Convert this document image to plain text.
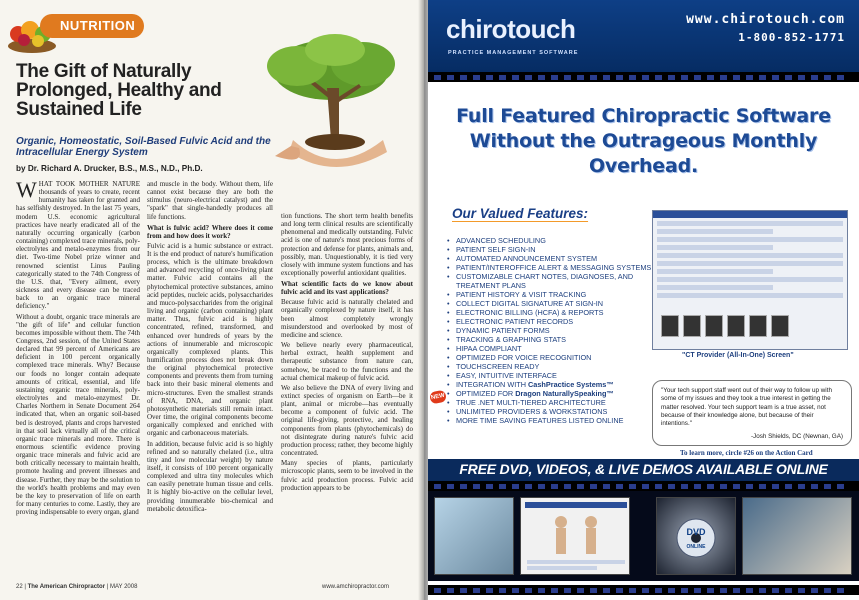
NUTRITION
The Gift of Naturally Prolonged, Healthy and Sustained Life
Organic, Homeostatic, Soil-Based Fulvic Acid and the Intracellular Energy System
by Dr. Richard A. Drucker, B.S., M.S., N.D., Ph.D.

WHAT TOOK MOTHER NATURE thousands of years to create, recent humanity has taken for granted and has selfishly destroyed. In the last 75 years, modern U.S. economic agricultural practices have nearly eradicated all of the naturally occurring organically (carbon containing) complexed trace minerals, poly-electrolytes and metalo-enzymes from our diet. Two-time Nobel prize winner and renowned scientist Linus Pauling categorically stated to the 74th Congress of the U.S. that, "Every ailment, every sickness and every disease can be traced back to an organic trace mineral deficiency."

Without a doubt, organic trace minerals are "the gift of life" and cellular function becomes impossible without them. The 74th Congress, 2nd session, of the United States declared that 99 percent of Americans are deficient in 100 percent organically complexed trace minerals. Why? Because our foods no longer contain adequate amounts of critical, essential, and life sustaining organic trace minerals, poly-electrolytes and metalo-enzymes! Dr. Charles Northern in Senate Document 264 indicated that, when an organic soil-based bed is destroyed, plants and crops harvested in that soil lack virtually all of the critical organic trace minerals and more. There is enormous scientific evidence proving organic trace minerals and fulvic acid are both critically necessary to maintain health, promote healing and prevent illnesses and disease. Further, they may be the solution to the world's health problems and may even be the key to preservation of life on earth for many centuries to come. Lastly, they are proving indispensable to every organ, gland

and muscle in the body. Without them, life cannot exist because they are both the stimulus (neuro-electrical catalyst) and the "spark" that single-handedly produces all life functions.

What is fulvic acid? Where does it come from and how does it work?

Fulvic acid is a humic substance or extract. It is the end product of nature's humification process, which is the ultimate breakdown and advanced recycling of once-living plant matter. Fulvic acid contains all the phytochemical protective substances, amino acid peptides, nucleic acids, polysaccharides and muco-polysaccharides from the original living and organic (carbon containing) plant matter. Thus, fulvic acid is highly concentrated, refined, transformed, and enhanced over hundreds of years by the actions of innumerable and microscopic organically complexed plants. This humification process does not break down the original phytochemical protective components and prevents them from turning back into their basic mineral elements and micro-structures. Even the smallest strands of RNA, DNA, and organic plant photosynthetic materials still remain intact. Over time, the original components become organically complexed and enriched with organic and carbonaceous materials.

In addition, because fulvic acid is so highly refined and so naturally chelated (i.e., ultra tiny and low molecular weight) by nature itself, it consists of 100 percent organically complexed and ultra tiny molecules which can easily penetrate human tissue and cells. It is highly bio-active on the cellular level, providing innumerable bio-chemical and metabolic detoxifica-

tion functions. The short term health benefits and long term clinical results are scientifically phenomenal and medically outstanding. Fulvic acid is one of nature's most precious forms of protection and defense for plants, animals and, possibly, man. Unquestionably, it is tied very closely with immune system functions and has exceptionally powerful antioxidant qualities.

What scientific facts do we know about fulvic acid and its vast applications?

Because fulvic acid is naturally chelated and organically complexed by nature itself, it has been almost completely wrongly misunderstood and overlooked by most of medicine and science.

We believe nearly every pharmaceutical, herbal extract, health supplement and therapeutic substance from nature can, somehow, be traced to the functions and the actual chemical makeup of fulvic acid.

We also believe the DNA of every living and extinct species of organism on Earth—be it plant, animal or microbe—has eventually become a component of fulvic acid. The original life-giving, protective, and healing components from plants (phytochemicals) do not disintegrate during nature's fulvic acid production process; rather, they become highly concentrated.

Many species of plants, particularly microscopic plants, seem to be involved in the fulvic acid production process. Fulvic acid production appears to be

22 | The American Chiropractor | MAY 2008	www.amchiropractor.com
chirotouch
PRACTICE MANAGEMENT SOFTWARE
www.chirotouch.com
1-800-852-1771
Full Featured Chiropractic Software Without the Outrageous Monthly Overhead.
Our Valued Features:
NEW
• ADVANCED SCHEDULING
• PATIENT SELF SIGN-IN
• AUTOMATED ANNOUNCEMENT SYSTEM
• PATIENT/INTEROFFICE ALERT & MESSAGING SYSTEMS
• CUSTOMIZABLE CHART NOTES, DIAGNOSES, AND TREATMENT PLANS
• PATIENT HISTORY & VISIT TRACKING
• COLLECT DIGITAL SIGNATURE AT SIGN-IN
• ELECTRONIC BILLING (HCFA) & REPORTS
• ELECTRONIC PATIENT RECORDS
• DYNAMIC PATIENT FORMS
• TRACKING & GRAPHING STATS
• HIPAA COMPLIANT
• OPTIMIZED FOR VOICE RECOGNITION
• TOUCHSCREEN READY
• EASY, INTUITIVE INTERFACE
• INTEGRATION WITH CashPractice Systems™
• OPTIMIZED FOR Dragon NaturallySpeaking™
• TRUE .NET MULTI-TIERED ARCHITECTURE
• UNLIMITED PROVIDERS & WORKSTATIONS
• MORE TIME SAVING FEATURES LISTED ONLINE
"CT Provider (All-In-One) Screen"
"Your tech support staff went out of their way to follow up with some of my issues and they took a true interest in getting the matter resolved. Your tech support team is a true asset, not because of their knowledge alone, but because of their intentions."
-Josh Shields, DC (Newnan, GA)
To learn more, circle #26 on the Action Card
FREE DVD, VIDEOS, & LIVE DEMOS AVAILABLE ONLINE
DVD
ONLINE
